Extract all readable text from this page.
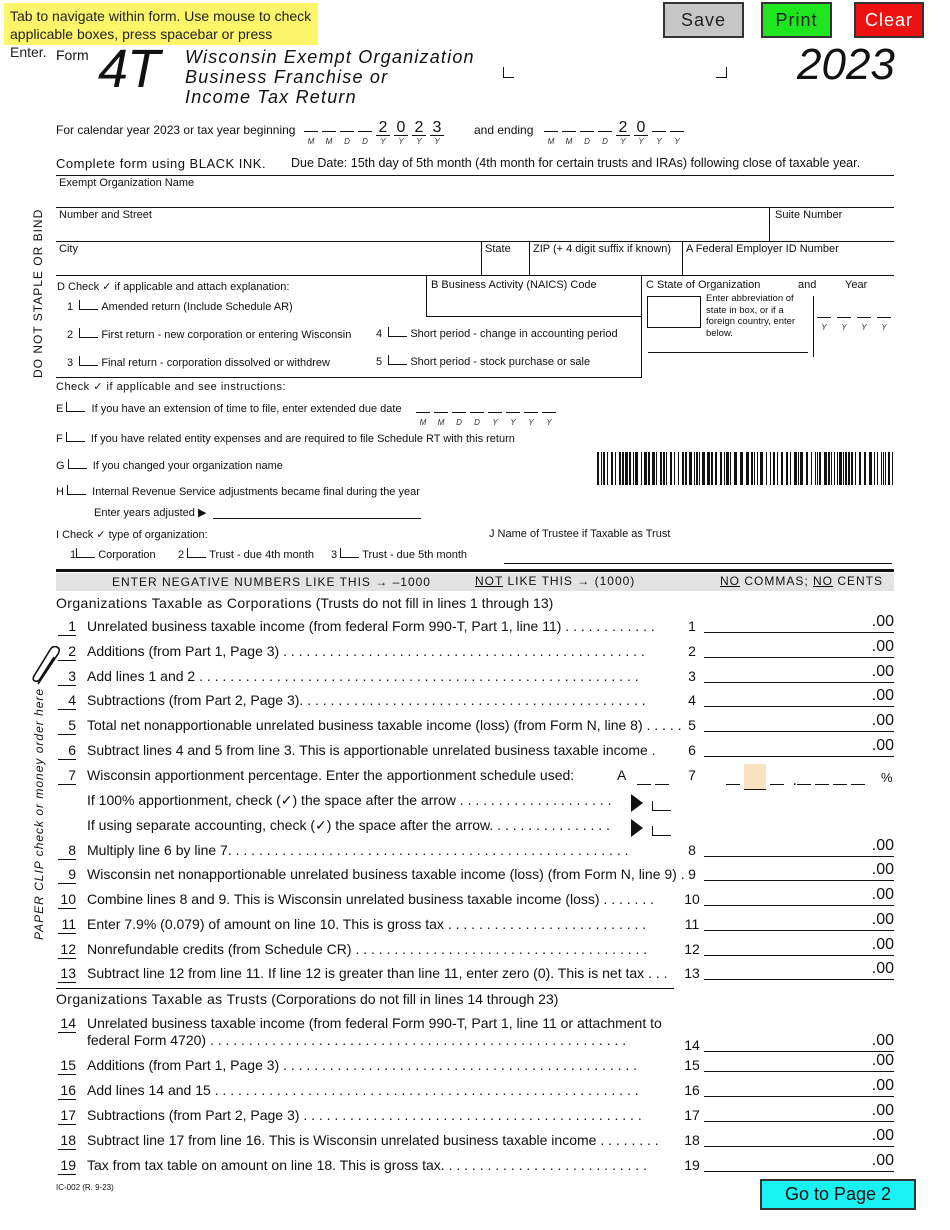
Tab to navigate within form. Use mouse to check applicable boxes, press spacebar or press Enter.
Save	Print	Clear
Form 4T Wisconsin Exempt Organization
Business Franchise or
Income Tax Return
2023
For calendar year 2023 or tax year beginning
M	M	D	D
2
Y
0
Y
2
Y
3
Y
and ending
M	M	D	D
2
Y
0
Y	Y	Y
Complete form using BLACK INK. Due Date: 15th day of 5th month (4th month for certain trusts and IRAs) following close of taxable year.
Exempt Organization Name
Number and Street	Suite Number
City	State ZIP (+ 4 digit suffix if known) A Federal Employer ID Number
D Check ✓ if applicable and attach explanation:	B Business Activity (NAICS) Code
1	Amended return (Include Schedule AR)
2	First return - new corporation or entering Wisconsin
3	Final return - corporation dissolved or withdrew
4	Short period - change in accounting period
5	Short period - stock purchase or sale
C State of Organization	and	Year
Enter abbreviation of state in box, or if a foreign country, enter below.	Y	Y	Y	Y
Check ✓ if applicable and see instructions:
E	If you have an extension of time to file, enter extended due date
M	M	D	D	Y	Y	Y	Y
F	If you have related entity expenses and are required to file Schedule RT with this return
G	If you changed your organization name
H	Internal Revenue Service adjustments became final during the year
Enter years adjusted ▶
I Check ✓ type of organization:
1 Corporation 2 Trust - due 4th month 3 Trust - due 5th month
J Name of Trustee if Taxable as Trust
DO NOT STAPLE OR BIND
PAPER CLIP check or money order here
ENTER NEGATIVE NUMBERS LIKE THIS → –1000	NOT LIKE THIS → (1000)	NO COMMAS; NO CENTS
Organizations Taxable as Corporations (Trusts do not fill in lines 1 through 13)
1 Unrelated business taxable income (from federal Form 990-T, Part 1, line 11) . . . . . . . . . . . . 1	.00
2 Additions (from Part 1, Page 3) . . . . . . . . . . . . . . . . . . . . . . . . . . . . . . . . . . . . . . . . . . . . . . .	2	.00
3 Add lines 1 and 2 . . . . . . . . . . . . . . . . . . . . . . . . . . . . . . . . . . . . . . . . . . . . . . . . . . . . . . . . .	3	.00
4 Subtractions (from Part 2, Page 3). . . . . . . . . . . . . . . . . . . . . . . . . . . . . . . . . . . . . . . . . . . . .	4	.00
5 Total net nonapportionable unrelated business taxable income (loss) (from Form N, line 8) . . . . . 5	.00
6 Subtract lines 4 and 5 from line 3. This is apportionable unrelated business taxable income . 6	.00
7 Wisconsin apportionment percentage. Enter the apportionment schedule used:	A	7	.	%
If 100% apportionment, check (✓) the space after the arrow . . . . . . . . . . . . . . . . . . . .
If using separate accounting, check (✓) the space after the arrow. . . . . . . . . . . . . . . .
8 Multiply line 6 by line 7. . . . . . . . . . . . . . . . . . . . . . . . . . . . . . . . . . . . . . . . . . . . . . . . . . . .	8	.00
9 Wisconsin net nonapportionable unrelated business taxable income (loss) (from Form N, line 9) . 9	.00
10 Combine lines 8 and 9. This is Wisconsin unrelated business taxable income (loss) . . . . . . . 10	.00
11 Enter 7.9% (0.079) of amount on line 10. This is gross tax . . . . . . . . . . . . . . . . . . . . . . . . . .	11	.00
12 Nonrefundable credits (from Schedule CR) . . . . . . . . . . . . . . . . . . . . . . . . . . . . . . . . . . . . . .	12	.00
13 Subtract line 12 from line 11. If line 12 is greater than line 11, enter zero (0). This is net tax . . . 13	.00
Organizations Taxable as Trusts (Corporations do not fill in lines 14 through 23)
14 Unrelated business taxable income (from federal Form 990-T, Part 1, line 11 or attachment to
federal Form 4720) . . . . . . . . . . . . . . . . . . . . . . . . . . . . . . . . . . . . . . . . . . . . . . . . . . . . . .	14	.00
15 Additions (from Part 1, Page 3) . . . . . . . . . . . . . . . . . . . . . . . . . . . . . . . . . . . . . . . . . . . . . .	15	.00
16 Add lines 14 and 15 . . . . . . . . . . . . . . . . . . . . . . . . . . . . . . . . . . . . . . . . . . . . . . . . . . . . . . .	16	.00
17 Subtractions (from Part 2, Page 3) . . . . . . . . . . . . . . . . . . . . . . . . . . . . . . . . . . . . . . . . . . . .	17	.00
18 Subtract line 17 from line 16. This is Wisconsin unrelated business taxable income . . . . . . . . 18	.00
19 Tax from tax table on amount on line 18. This is gross tax. . . . . . . . . . . . . . . . . . . . . . . . . . .	19	.00
IC-002 (R. 9-23)	Go to Page 2
